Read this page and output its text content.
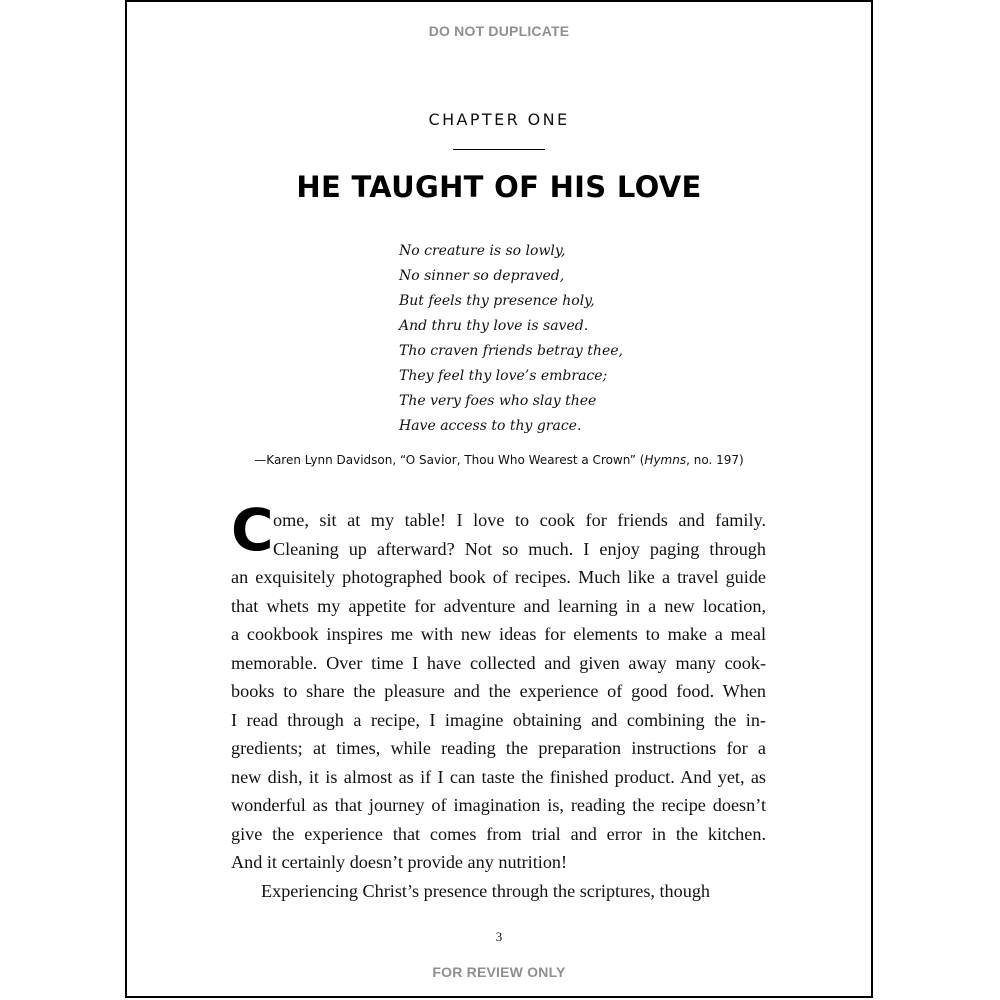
DO NOT DUPLICATE
CHAPTER ONE
HE TAUGHT OF HIS LOVE
No creature is so lowly,
No sinner so depraved,
But feels thy presence holy,
And thru thy love is saved.
Tho craven friends betray thee,
They feel thy love’s embrace;
The very foes who slay thee
Have access to thy grace.
—Karen Lynn Davidson, “O Savior, Thou Who Wearest a Crown” (Hymns, no. 197)
C ome, sit at my table! I love to cook for friends and family.
Cleaning up afterward? Not so much. I enjoy paging through
an exquisitely photographed book of recipes. Much like a travel guide
that whets my appetite for adventure and learning in a new location,
a cookbook inspires me with new ideas for elements to make a meal
memorable. Over time I have collected and given away many cook-
books to share the pleasure and the experience of good food. When
I read through a recipe, I imagine obtaining and combining the in-
gredients; at times, while reading the preparation instructions for a
new dish, it is almost as if I can taste the finished product. And yet, as
wonderful as that journey of imagination is, reading the recipe doesn’t
give the experience that comes from trial and error in the kitchen.
And it certainly doesn’t provide any nutrition!
Experiencing Christ’s presence through the scriptures, though
3
FOR REVIEW ONLY
